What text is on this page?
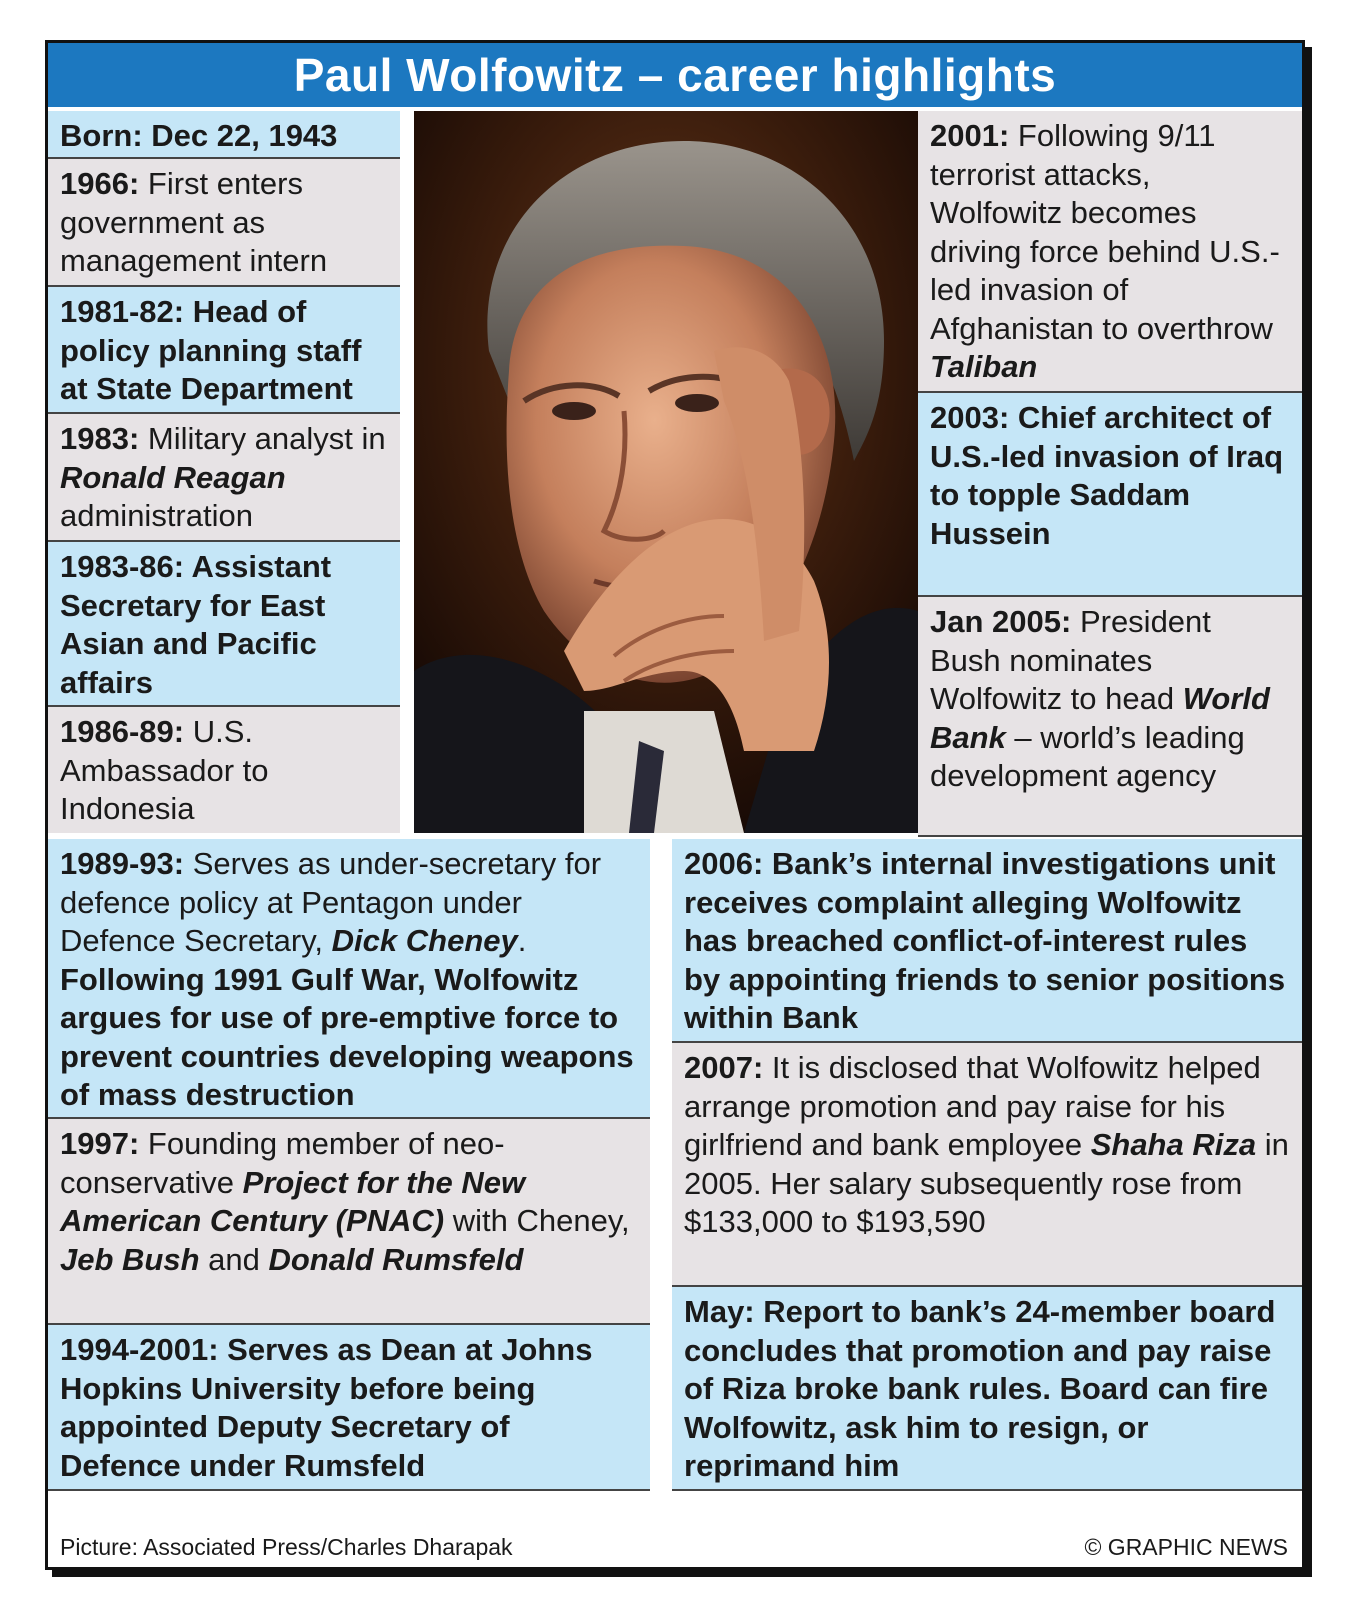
Paul Wolfowitz – career highlights
Born: Dec 22, 1943
1966: First enters government as management intern
1981-82: Head of policy planning staff at State Department
1983: Military analyst in Ronald Reagan administration
1983-86: Assistant Secretary for East Asian and Pacific affairs
1986-89: U.S. Ambassador to Indonesia
2001: Following 9/11 terrorist attacks, Wolfowitz becomes driving force behind U.S.-led invasion of Afghanistan to overthrow Taliban
2003: Chief architect of U.S.-led invasion of Iraq to topple Saddam Hussein
Jan 2005: President Bush nominates Wolfowitz to head World Bank – world’s leading development agency
1989-93: Serves as under-secretary for defence policy at Pentagon under Defence Secretary, Dick Cheney. Following 1991 Gulf War, Wolfowitz argues for use of pre-emptive force to prevent countries developing weapons of mass destruction
1997: Founding member of neo-conservative Project for the New American Century (PNAC) with Cheney, Jeb Bush and Donald Rumsfeld
1994-2001: Serves as Dean at Johns Hopkins University before being appointed Deputy Secretary of Defence under Rumsfeld
2006: Bank’s internal investigations unit receives complaint alleging Wolfowitz has breached conflict-of-interest rules by appointing friends to senior positions within Bank
2007: It is disclosed that Wolfowitz helped arrange promotion and pay raise for his girlfriend and bank employee Shaha Riza in 2005. Her salary subsequently rose from $133,000 to $193,590
May: Report to bank’s 24-member board concludes that promotion and pay raise of Riza broke bank rules. Board can fire Wolfowitz, ask him to resign, or reprimand him
Picture: Associated Press/Charles Dharapak	© GRAPHIC NEWS
